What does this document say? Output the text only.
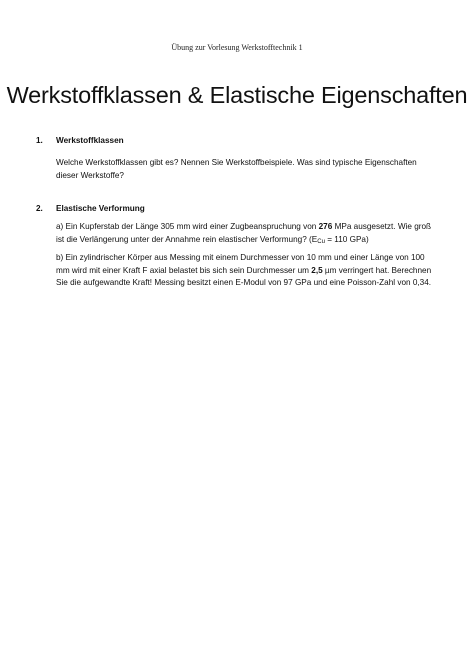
Übung zur Vorlesung Werkstofftechnik 1
Werkstoffklassen & Elastische Eigenschaften
1. Werkstoffklassen
Welche Werkstoffklassen gibt es? Nennen Sie Werkstoffbeispiele. Was sind typische Eigenschaften dieser Werkstoffe?
2. Elastische Verformung
a) Ein Kupferstab der Länge 305 mm wird einer Zugbeanspruchung von 276 MPa ausgesetzt. Wie groß ist die Verlängerung unter der Annahme rein elastischer Verformung? (ECu = 110 GPa)
b) Ein zylindrischer Körper aus Messing mit einem Durchmesser von 10 mm und einer Länge von 100 mm wird mit einer Kraft F axial belastet bis sich sein Durchmesser um 2,5 µm verringert hat. Berechnen Sie die aufgewandte Kraft! Messing besitzt einen E-Modul von 97 GPa und eine Poisson-Zahl von 0,34.
